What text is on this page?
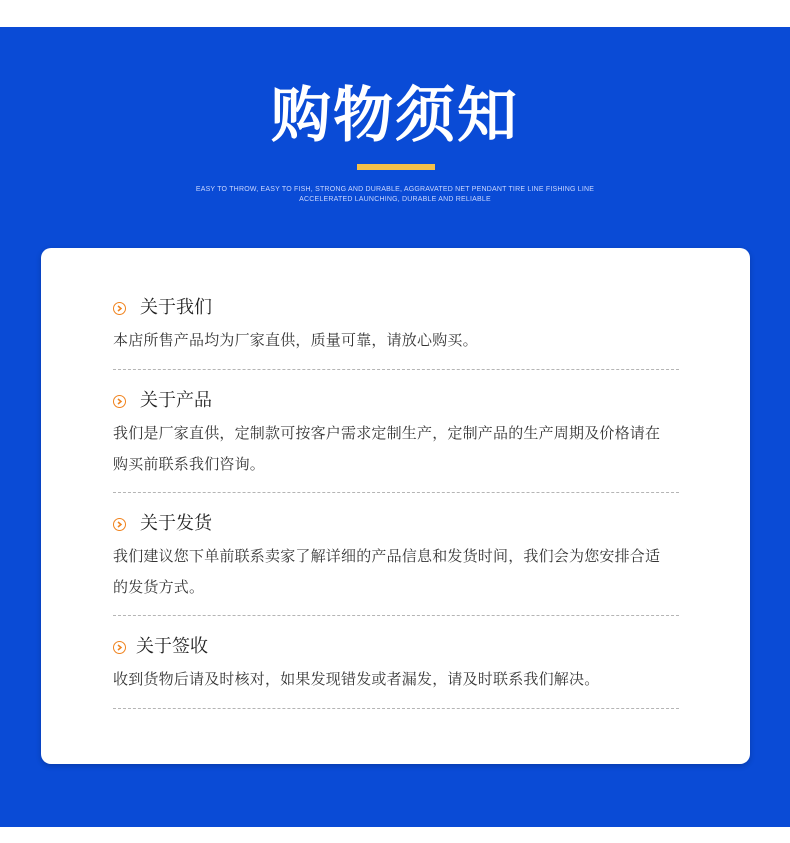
购物须知
EASY TO THROW, EASY TO FISH, STRONG AND DURABLE, AGGRAVATED NET PENDANT TIRE LINE FISHING LINE
ACCELERATED LAUNCHING, DURABLE AND RELIABLE
关于我们
本店所售产品均为厂家直供，质量可靠，请放心购买。
关于产品
我们是厂家直供，定制款可按客户需求定制生产，定制产品的生产周期及价格请在
购买前联系我们咨询。
关于发货
我们建议您下单前联系卖家了解详细的产品信息和发货时间，我们会为您安排合适
的发货方式。
关于签收
收到货物后请及时核对，如果发现错发或者漏发，请及时联系我们解决。
